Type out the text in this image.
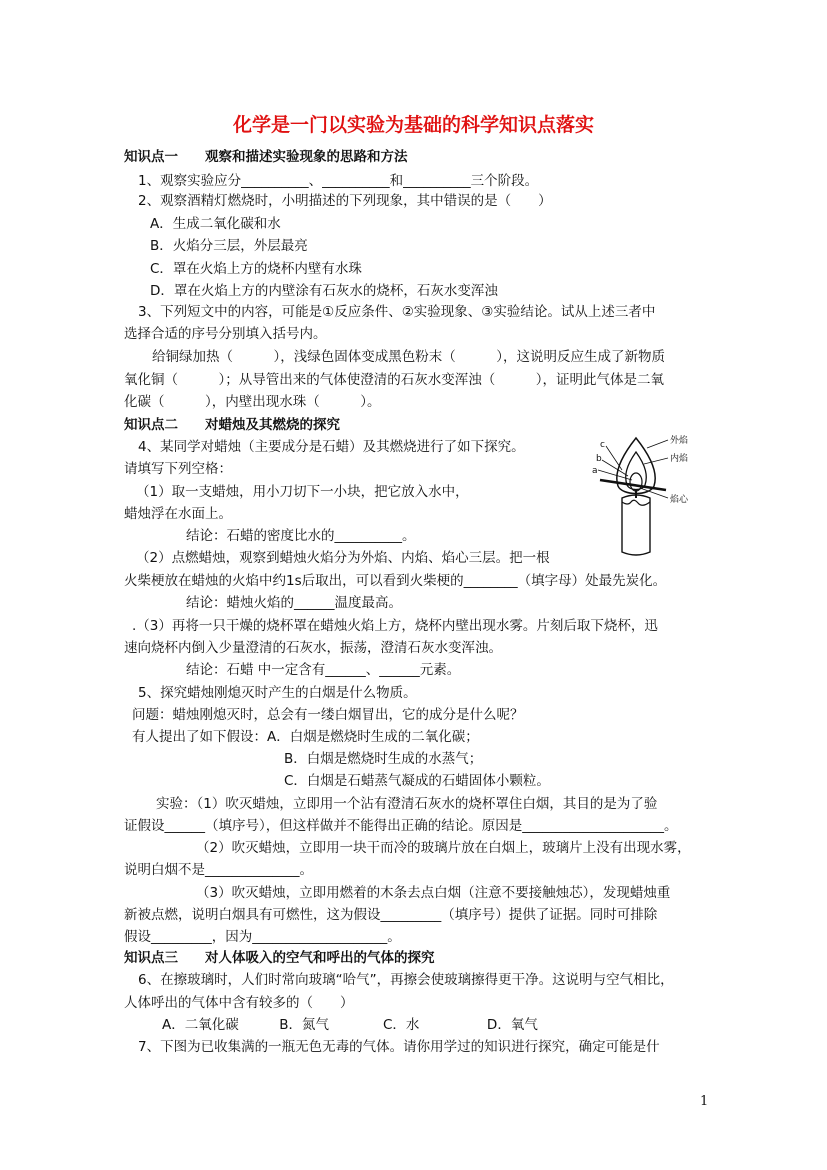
化学是一门以实验为基础的科学知识点落实
知识点一　　观察和描述实验现象的思路和方法
1、观察实验应分__________、__________和__________三个阶段。
2、观察酒精灯燃烧时，小明描述的下列现象，其中错误的是（　　）
A．生成二氧化碳和水
B．火焰分三层，外层最亮
C．罩在火焰上方的烧杯内壁有水珠
D．罩在火焰上方的内壁涂有石灰水的烧杯，石灰水变浑浊
3、下列短文中的内容，可能是①反应条件、②实验现象、③实验结论。试从上述三者中
选择合适的序号分别填入括号内。
给铜绿加热（　　　），浅绿色固体变成黑色粉末（　　　），这说明反应生成了新物质
氧化铜（　　　）；从导管出来的气体使澄清的石灰水变浑浊（　　　），证明此气体是二氧
化碳（　　　），内壁出现水珠（　　　）。
知识点二　　对蜡烛及其燃烧的探究
4、某同学对蜡烛（主要成分是石蜡）及其燃烧进行了如下探究。
请填写下列空格：
（1）取一支蜡烛，用小刀切下一小块，把它放入水中，
蜡烛浮在水面上。
结论：石蜡的密度比水的__________。
（2）点燃蜡烛，观察到蜡烛火焰分为外焰、内焰、焰心三层。把一根
火柴梗放在蜡烛的火焰中约1s后取出，可以看到火柴梗的________（填字母）处最先炭化。
结论：蜡烛火焰的______温度最高。
.（3）再将一只干燥的烧杯罩在蜡烛火焰上方，烧杯内壁出现水雾。片刻后取下烧杯，迅
速向烧杯内倒入少量澄清的石灰水，振荡，澄清石灰水变浑浊。
结论：石蜡 中一定含有______、______元素。
5、探究蜡烛刚熄灭时产生的白烟是什么物质。
问题：蜡烛刚熄灭时，总会有一缕白烟冒出，它的成分是什么呢？
有人提出了如下假设：A．白烟是燃烧时生成的二氧化碳；
B．白烟是燃烧时生成的水蒸气；
C．白烟是石蜡蒸气凝成的石蜡固体小颗粒。
实验：（1）吹灭蜡烛，立即用一个沾有澄清石灰水的烧杯罩住白烟，其目的是为了验
证假设______（填序号），但这样做并不能得出正确的结论。原因是_____________________。
（2）吹灭蜡烛，立即用一块干而冷的玻璃片放在白烟上，玻璃片上没有出现水雾，
说明白烟不是______________。
（3）吹灭蜡烛，立即用燃着的木条去点白烟（注意不要接触烛芯），发现蜡烛重
新被点燃，说明白烟具有可燃性，这为假设_________（填序号）提供了证据。同时可排除
假设_________，因为____________________。
知识点三　　对人体吸入的空气和呼出的气体的探究
6、在擦玻璃时，人们时常向玻璃“哈气”，再擦会使玻璃擦得更干净。这说明与空气相比，
人体呼出的气体中含有较多的（　　）
A．二氧化碳　　　B．氮气　　　　C．水　　　　　D．氧气
7、下图为已收集满的一瓶无色无毒的气体。请你用学过的知识进行探究，确定可能是什
外焰
内焰
焰心
c
b
a
1
